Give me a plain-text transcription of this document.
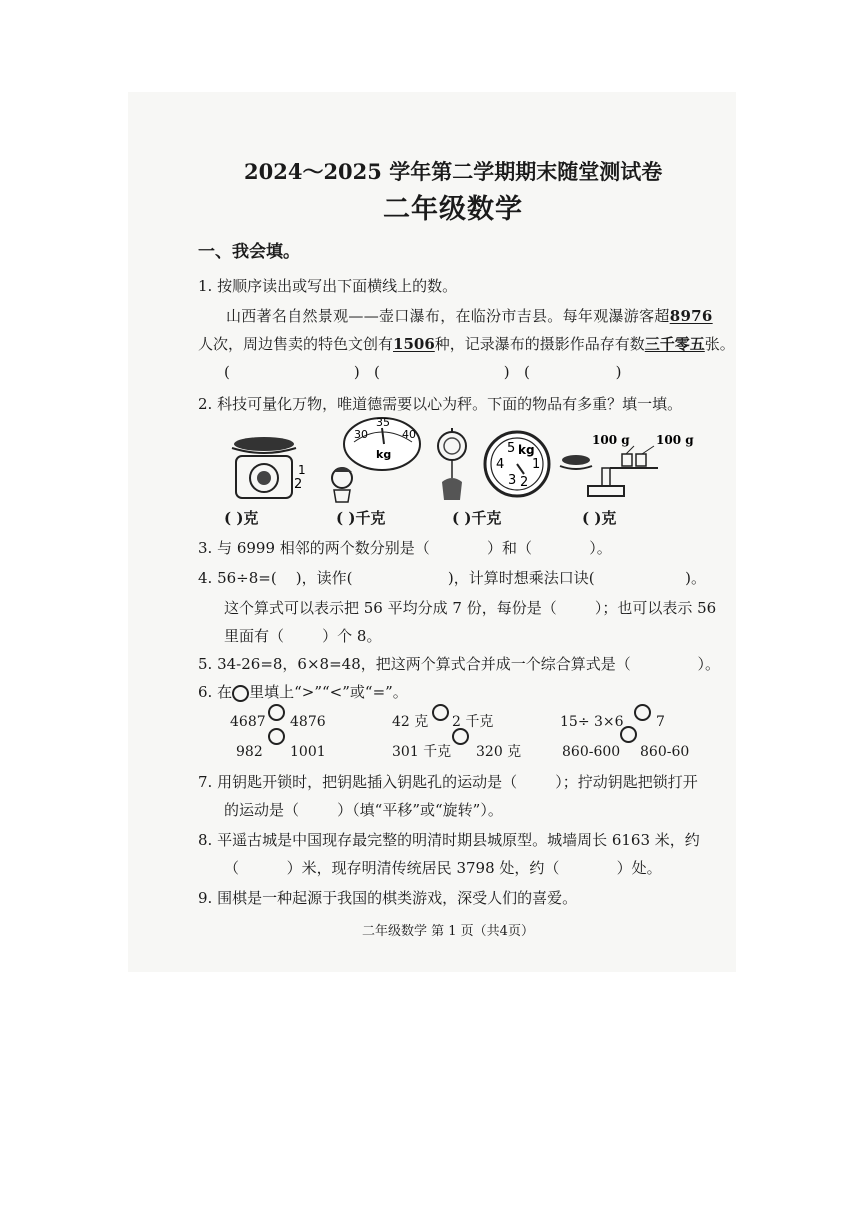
2024～2025 学年第二学期期末随堂测试卷
二年级数学
一、我会填。
1. 按顺序读出或写出下面横线上的数。
山西著名自然景观——壶口瀑布，在临汾市吉县。每年观瀑游客超8976
人次，周边售卖的特色文创有1506种，记录瀑布的摄影作品存有数三千零五张。
(                          )   (                          )   (                  )
2. 科技可量化万物，唯道德需要以心为秤。下面的物品有多重？填一填。
1
2
30
35
40
kg
4
5 kg
1
3 2
100 g 100 g
( )克	( )千克	( )千克	( )克
3. 与 6999 相邻的两个数分别是（            ）和（            ）。
4. 56÷8=(    )，读作(                    )，计算时想乘法口诀(                   )。
这个算式可以表示把 56 平均分成 7 份，每份是（        ）；也可以表示 56
里面有（        ）个 8。
5. 34-26=8，6×8=48，把这两个算式合并成一个综合算式是（              ）。
6. 在 里填上“>”“<”或“=”。
4687 4876	42 克 2 千克	15÷ 3×6 7
982 1001	301 千克 320 克	860-600 860-60
7. 用钥匙开锁时，把钥匙插入钥匙孔的运动是（        ）；拧动钥匙把锁打开
的运动是（        ）（填“平移”或“旋转”）。
8. 平遥古城是中国现存最完整的明清时期县城原型。城墙周长 6163 米，约
（          ）米，现存明清传统居民 3798 处，约（            ）处。
9. 围棋是一种起源于我国的棋类游戏，深受人们的喜爱。
二年级数学 第 1 页（共4页）
